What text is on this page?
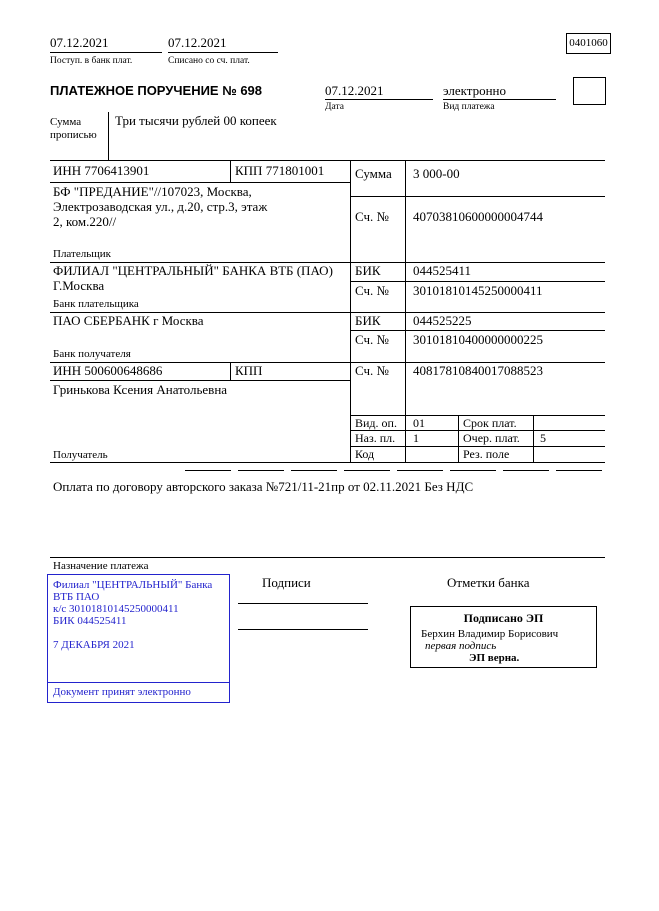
07.12.2021
Поступ. в банк плат.
07.12.2021
Списано со сч. плат.
0401060
ПЛАТЕЖНОЕ ПОРУЧЕНИЕ № 698	07.12.2021
Дата
электронно
Вид платежа
Сумма
прописью
Три тысячи рублей 00 копеек
ИНН 7706413901	КПП 771801001 Сумма 3 000-00
БФ "ПРЕДАНИЕ"//107023, Москва,
Электрозаводская ул., д.20, стр.3, этаж
2, ком.220//	Сч. № 40703810600000004744
Плательщик
ФИЛИАЛ "ЦЕНТРАЛЬНЫЙ" БАНКА ВТБ (ПАО)
Г.Москва
БИК 044525411
Сч. № 30101810145250000411
Банк плательщика
ПАО СБЕРБАНК г Москва	БИК 044525225
Сч. № 30101810400000000225
Банк получателя
ИНН 500600648686	КПП	Сч. № 40817810840017088523
Гринькова Ксения Анатольевна
Вид. оп. 01	Срок плат.
Наз. пл. 1	Очер. плат. 5
Код	Рез. поле
Получатель
Оплата по договору авторского заказа №721/11-21пр от 02.11.2021 Без НДС
Назначение платежа
Филиал "ЦЕНТРАЛЬНЫЙ" Банка
ВТБ ПАО
к/с 30101810145250000411
БИК 044525411
7 ДЕКАБРЯ 2021
Документ принят электронно
Подписи	Отметки банка
Подписано ЭП
Берхин Владимир Борисович
первая подпись
ЭП верна.
